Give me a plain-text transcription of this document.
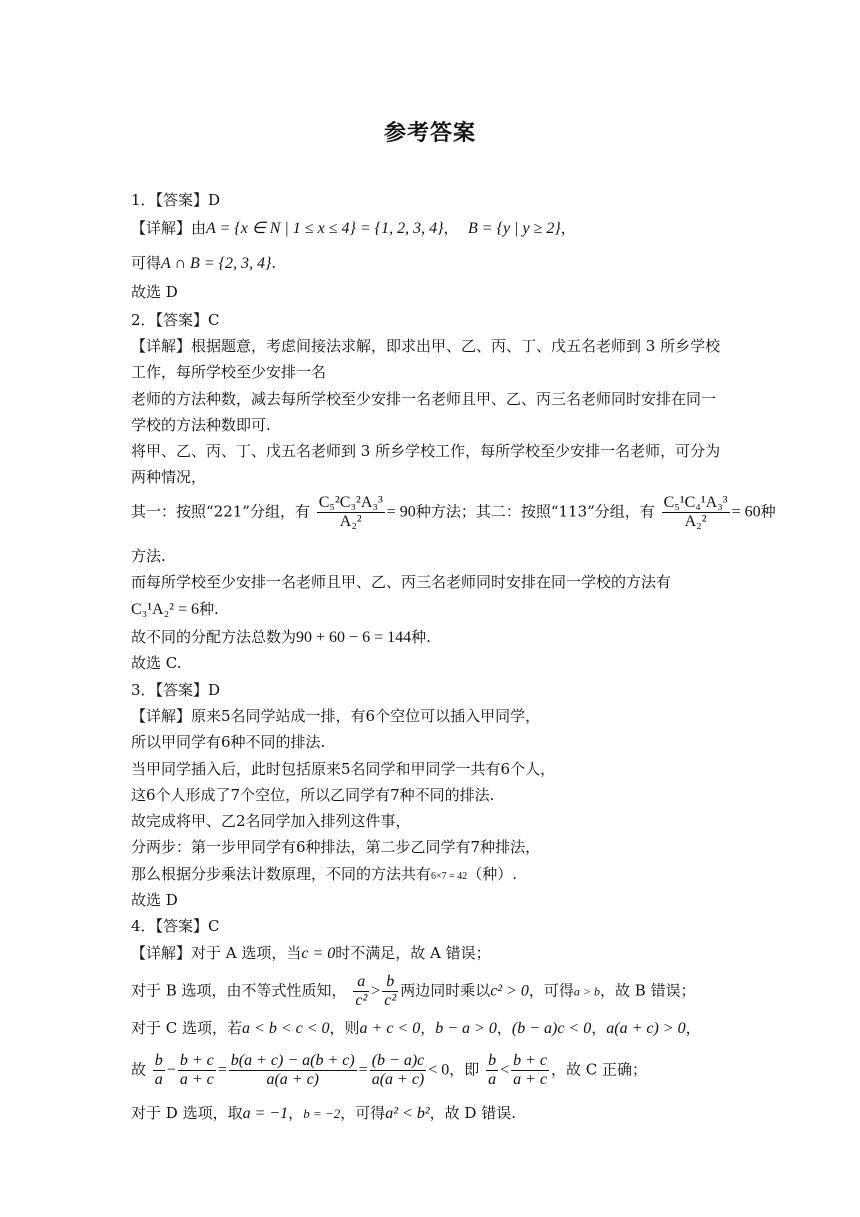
参考答案
1．【答案】D
【详解】由A = {x ∈ N | 1 ≤ x ≤ 4} = {1, 2, 3, 4}， B = {y | y ≥ 2}，
可得A ∩ B = {2, 3, 4}.
故选 D
2．【答案】C
【详解】根据题意，考虑间接法求解，即求出甲、乙、丙、丁、戊五名老师到 3 所乡学校
工作，每所学校至少安排一名
老师的方法种数，减去每所学校至少安排一名老师且甲、乙、丙三名老师同时安排在同一
学校的方法种数即可.
将甲、乙、丙、丁、戊五名老师到 3 所乡学校工作，每所学校至少安排一名老师，可分为
两种情况，
其一：按照“221”分组，有 $\frac{\text{C₅²C₃²A₃³}}{\text{A₂²}} = 90$种方法；其二：按照“113”分组，有 $\frac{\text{C₅¹C₄¹A₃³}}{\text{A₂²}} = 60$种
方法.
而每所学校至少安排一名老师且甲、乙、丙三名老师同时安排在同一学校的方法有
C₃¹A₂² = 6种.
故不同的分配方法总数为90 + 60 − 6 = 144种.
故选 C.
3．【答案】D
【详解】原来5名同学站成一排，有6个空位可以插入甲同学，
所以甲同学有6种不同的排法.
当甲同学插入后，此时包括原来5名同学和甲同学一共有6个人，
这6个人形成了7个空位，所以乙同学有7种不同的排法.
故完成将甲、乙2名同学加入排列这件事，
分两步：第一步甲同学有6种排法，第二步乙同学有7种排法，
那么根据分步乘法计数原理，不同的方法共有6×7 = 42（种）.
故选 D
4．【答案】C
【详解】对于 A 选项，当c = 0时不满足，故 A 错误；
对于 B 选项，由不等式性质知， $\frac{a}{\text{c²}} > \frac{b}{\text{c²}}$ 两边同时乘以c² > 0，可得a > b，故 B 错误；
对于 C 选项，若a < b < c < 0，则a + c < 0，b − a > 0，(b − a)c < 0，a(a + c) > 0，
故 $\frac{b}{a} - \frac{b + c}{a + c} = \frac{b(a + c) - a(b + c)}{a(a + c)} = \frac{(b - a)c}{a(a + c)} < 0$，即 $\frac{b}{a} < \frac{b + c}{a + c}$ ，故 C 正确；
对于 D 选项，取a = −1，b = −2，可得a² < b²，故 D 错误.
